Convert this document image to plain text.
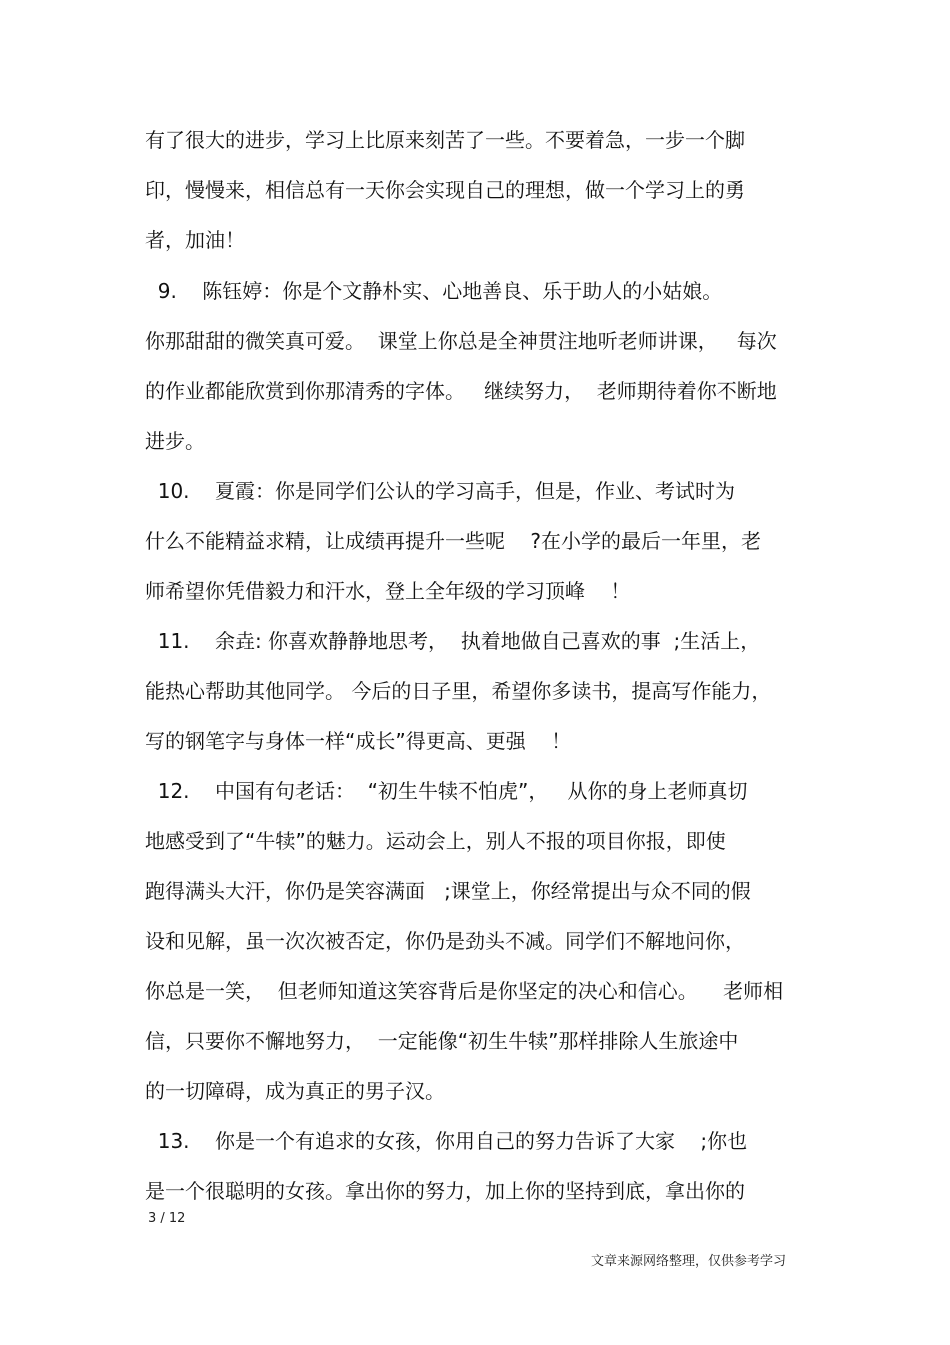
有了很大的进步，学习上比原来刻苦了一些。不要着急，一步一个脚
印，慢慢来，相信总有一天你会实现自己的理想，做一个学习上的勇
者，加油！
9.    陈钰婷：你是个文静朴实、心地善良、乐于助人的小姑娘。
你那甜甜的微笑真可爱。  课堂上你总是全神贯注地听老师讲课，   每次
的作业都能欣赏到你那清秀的字体。   继续努力，  老师期待着你不断地
进步。
10.    夏霞：你是同学们公认的学习高手，但是，作业、考试时为
什么不能精益求精，让成绩再提升一些呢    ?在小学的最后一年里，老
师希望你凭借毅力和汗水，登上全年级的学习顶峰    ！
11.    余垚: 你喜欢静静地思考，  执着地做自己喜欢的事  ;生活上，
能热心帮助其他同学。 今后的日子里，希望你多读书，提高写作能力，
写的钢笔字与身体一样“成长”得更高、更强    ！
12.    中国有句老话：  “初生牛犊不怕虎”，   从你的身上老师真切
地感受到了“牛犊”的魅力。运动会上，别人不报的项目你报，即使
跑得满头大汗，你仍是笑容满面   ;课堂上，你经常提出与众不同的假
设和见解，虽一次次被否定，你仍是劲头不减。同学们不解地问你，
你总是一笑，  但老师知道这笑容背后是你坚定的决心和信心。    老师相
信，只要你不懈地努力，  一定能像“初生牛犊”那样排除人生旅途中
的一切障碍，成为真正的男子汉。
13.    你是一个有追求的女孩，你用自己的努力告诉了大家    ;你也
是一个很聪明的女孩。拿出你的努力，加上你的坚持到底，拿出你的
3 / 12
文章来源网络整理，仅供参考学习
